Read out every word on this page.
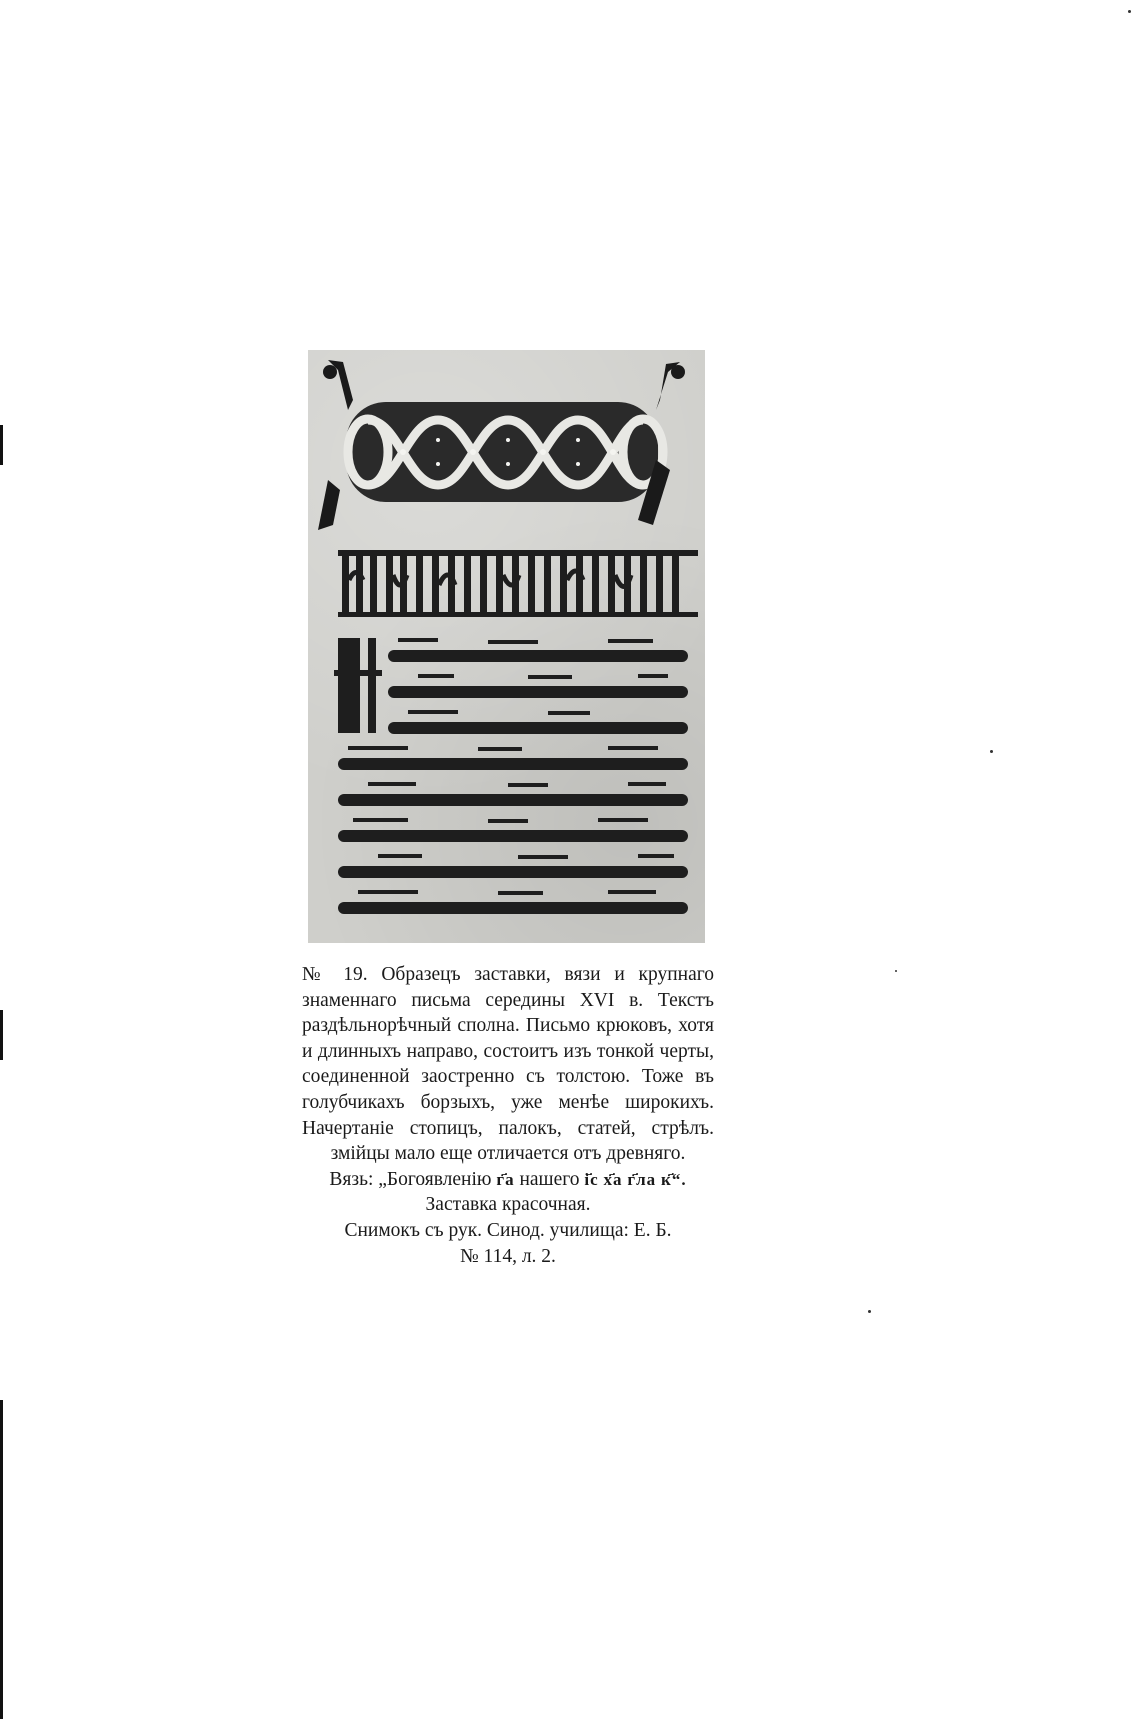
№ 19. Образецъ заставки, вязи и крупнаго знаменнаго письма середины XVI в. Текстъ раздѣльнорѣчный сполна. Письмо крюковъ, хотя и длинныхъ направо, состоитъ изъ тонкой черты, соединенной заостренно съ толстою. Тоже въ голубчикахъ борзыхъ, уже менѣе широкихъ. Начертаніе стопицъ, палокъ, статей, стрѣлъ. змійцы мало еще отличается отъ древняго.

Вязь: „Богоявленію г҃а нашего і҃с х҃а г҃ла к҃“.

Заставка красочная.

Снимокъ съ рук. Синод. училища: Е. Б.

№ 114, л. 2.
